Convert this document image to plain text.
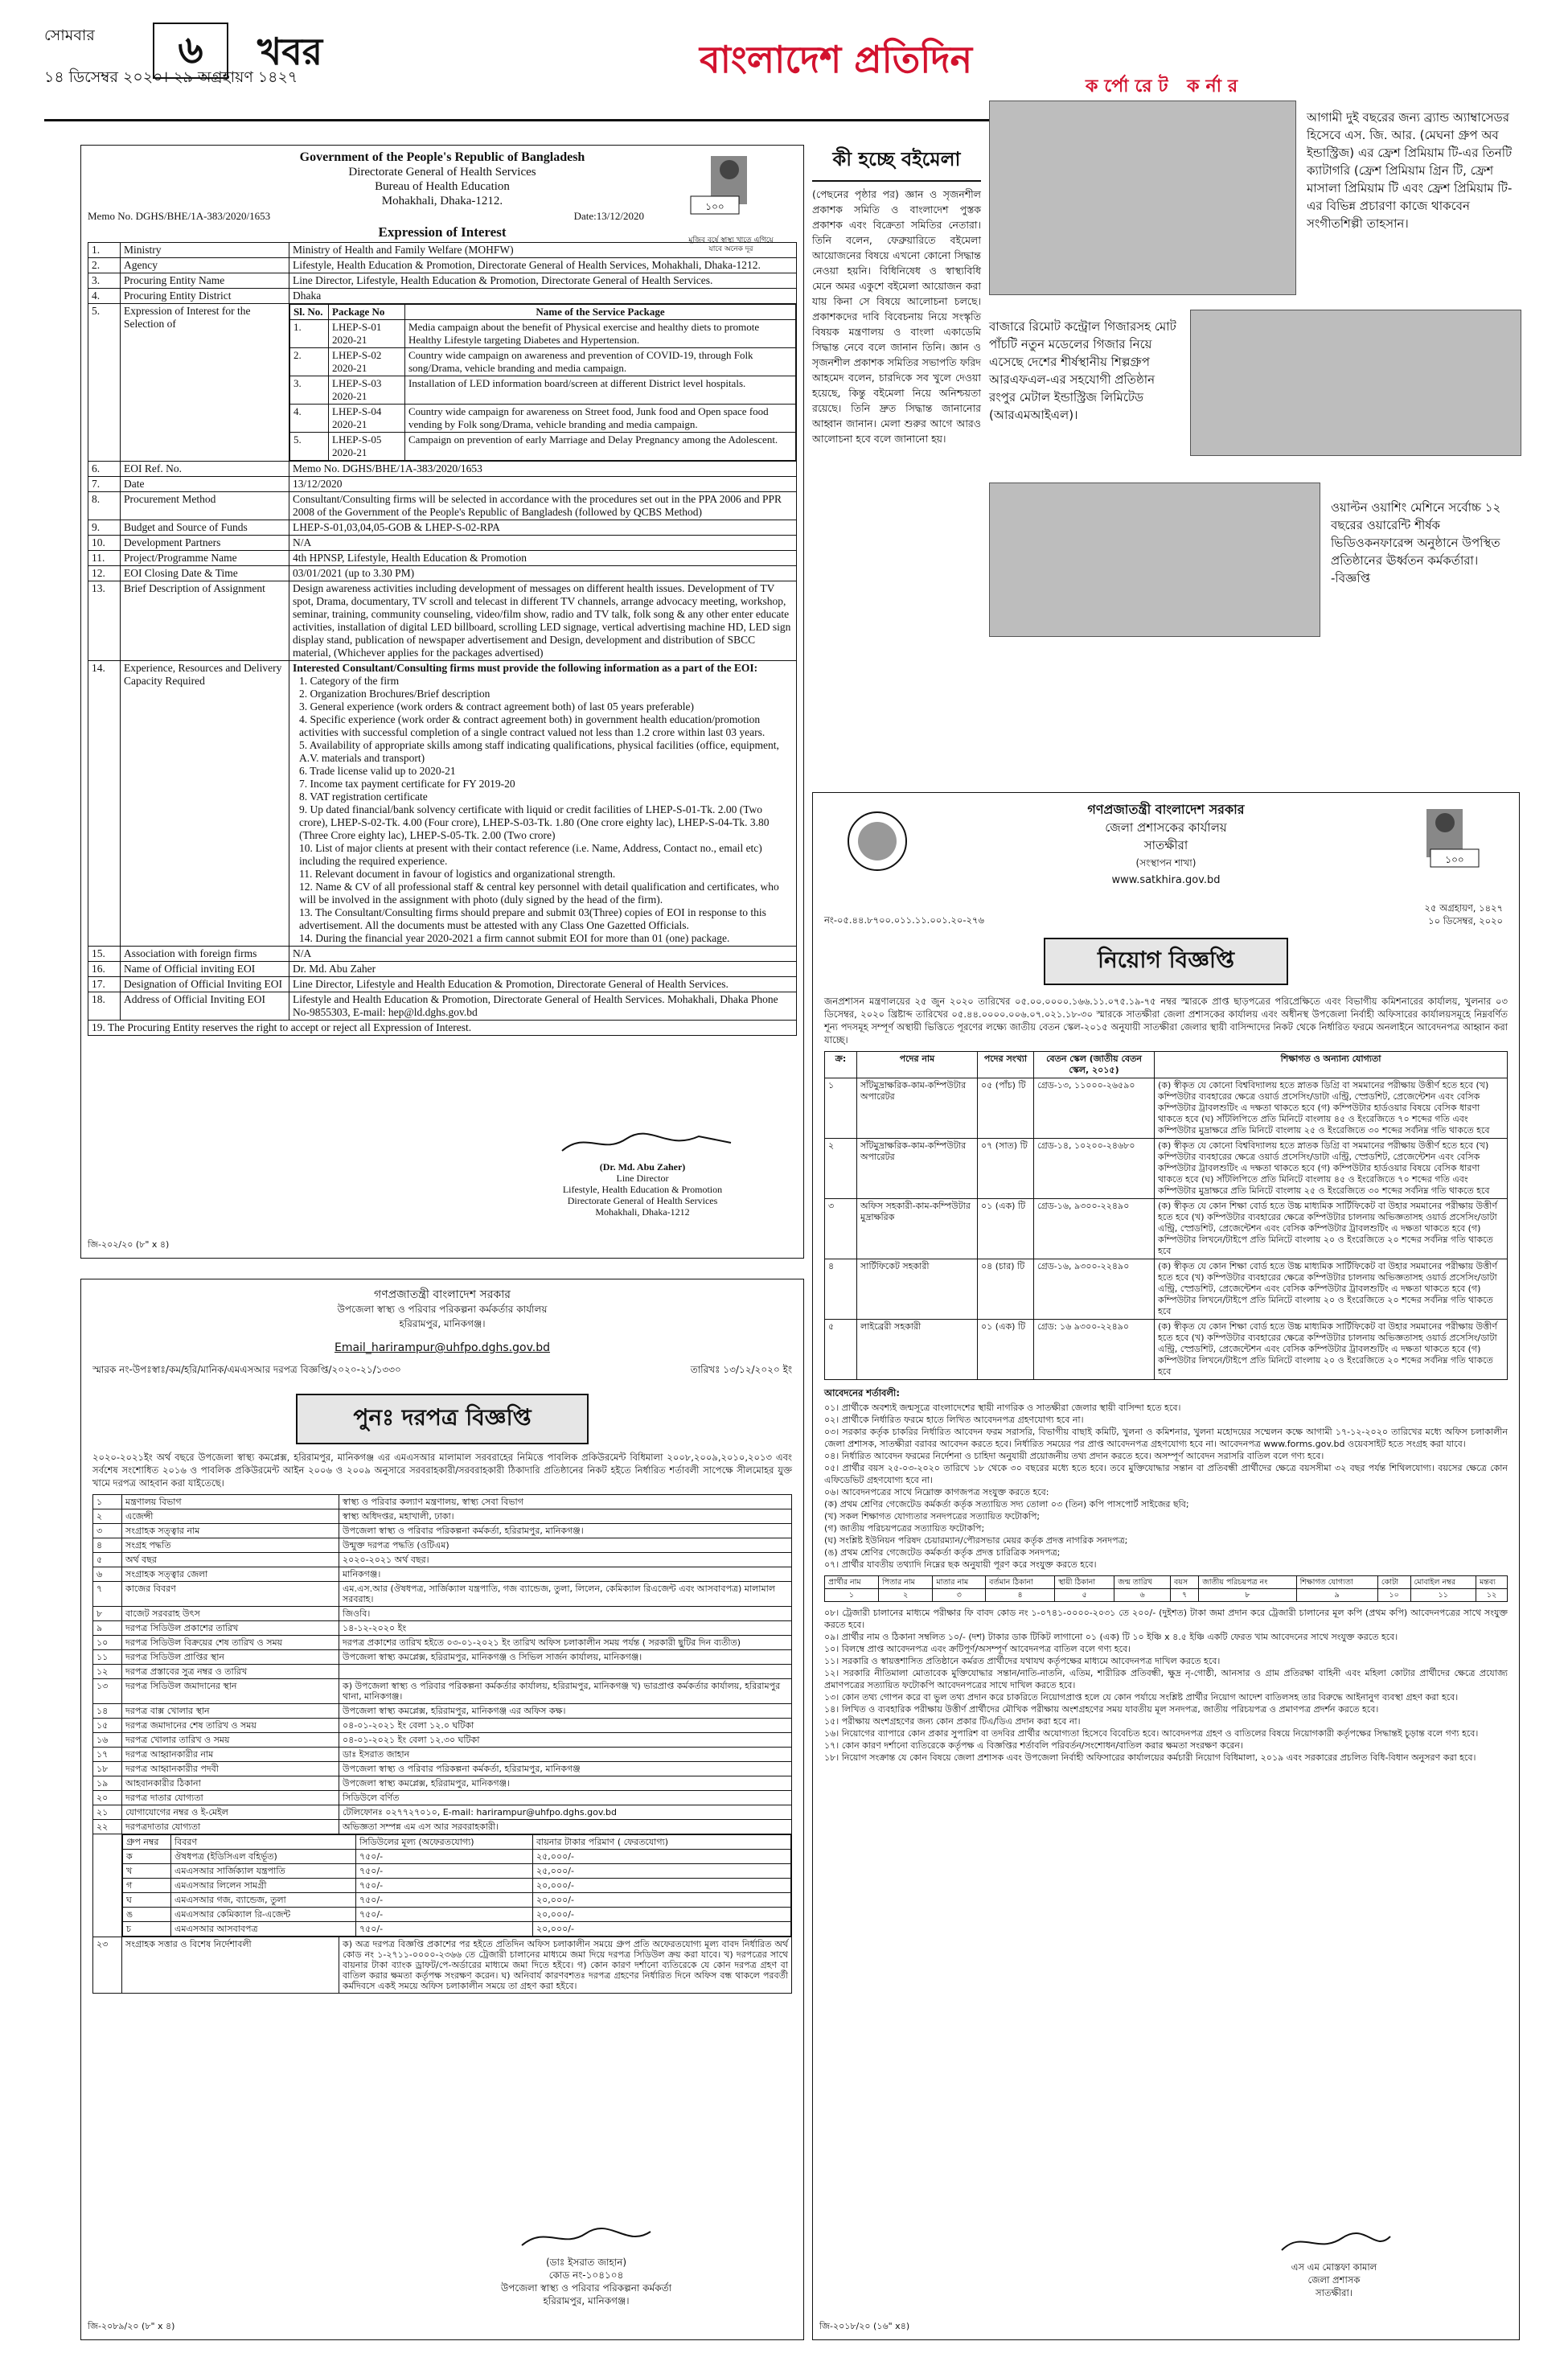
সোমবার
১৪ ডিসেম্বর ২০২০। ২৯ অগ্রহায়ণ ১৪২৭
৬	খবর	বাংলাদেশ প্রতিদিন
১০০
মুজিব বর্ষে স্বাস্থ্য খাতে এগিয়ে যাবে অনেক দূর
Government of the People's Republic of Bangladesh
Directorate General of Health Services
Bureau of Health Education
Mohakhali, Dhaka-1212.
Memo No. DGHS/BHE/1A-383/2020/1653	Date:13/12/2020
Expression of Interest
1.	Ministry	Ministry of Health and Family Welfare (MOHFW)
2.	Agency	Lifestyle, Health Education & Promotion, Directorate General of Health Services, Mohakhali, Dhaka-1212.
3.	Procuring Entity Name	Line Director, Lifestyle, Health Education & Promotion, Directorate General of Health Services.
4.	Procuring Entity District	Dhaka
5.	Expression of Interest for the Selection of	
Sl. No.	Package No	Name of the Service Package
1.	LHEP-S-01 2020-21	Media campaign about the benefit of Physical exercise and healthy diets to promote Healthy Lifestyle targeting Diabetes and Hypertension.
2.	LHEP-S-02 2020-21	Country wide campaign on awareness and prevention of COVID-19, through Folk song/Drama, vehicle branding and media campaign.
3.	LHEP-S-03 2020-21	Installation of LED information board/screen at different District level hospitals.
4.	LHEP-S-04 2020-21	Country wide campaign for awareness on Street food, Junk food and Open space food vending by Folk song/Drama, vehicle branding and media campaign.
5.	LHEP-S-05 2020-21	Campaign on prevention of early Marriage and Delay Pregnancy among the Adolescent.

6.	EOI Ref. No.	Memo No. DGHS/BHE/1A-383/2020/1653
7.	Date	13/12/2020
8.	Procurement Method	Consultant/Consulting firms will be selected in accordance with the procedures set out in the PPA 2006 and PPR 2008 of the Government of the People's Republic of Bangladesh (followed by QCBS Method)
9.	Budget and Source of Funds	LHEP-S-01,03,04,05-GOB & LHEP-S-02-RPA
10.	Development Partners	N/A
11.	Project/Programme Name	4th HPNSP, Lifestyle, Health Education & Promotion
12.	EOI Closing Date & Time	03/01/2021 (up to 3.30 PM)
13.	Brief Description of Assignment	Design awareness activities including development of messages on different health issues. Development of TV spot, Drama, documentary, TV scroll and telecast in different TV channels, arrange advocacy meeting, workshop, seminar, training, community counseling, video/film show, radio and TV talk, folk song & any other enter educate activities, installation of digital LED billboard, scrolling LED signage, vertical advertising machine HD, LED sign display stand, publication of newspaper advertisement and Design, development and distribution of SBCC material, (Whichever applies for the packages advertised)
14.	Experience, Resources and Delivery Capacity Required	
Interested Consultant/Consulting firms must provide the following information as a part of the EOI:
1. Category of the firm
2. Organization Brochures/Brief description
3. General experience (work orders & contract agreement both) of last 05 years preferable)
4. Specific experience (work order & contract agreement both) in government health education/promotion activities with successful completion of a single contract valued not less than 1.2 crore within last 03 years.
5. Availability of appropriate skills among staff indicating qualifications, physical facilities (office, equipment, A.V. materials and transport)
6. Trade license valid up to 2020-21
7. Income tax payment certificate for FY 2019-20
8. VAT registration certificate
9. Up dated financial/bank solvency certificate with liquid or credit facilities of LHEP-S-01-Tk. 2.00 (Two crore), LHEP-S-02-Tk. 4.00 (Four crore), LHEP-S-03-Tk. 1.80 (One crore eighty lac), LHEP-S-04-Tk. 3.80 (Three Crore eighty lac), LHEP-S-05-Tk. 2.00 (Two crore)
10. List of major clients at present with their contact reference (i.e. Name, Address, Contact no., email etc) including the required experience.
11. Relevant document in favour of logistics and organizational strength.
12. Name & CV of all professional staff & central key personnel with detail qualification and certificates, who will be involved in the assignment with photo (duly signed by the head of the firm).
13. The Consultant/Consulting firms should prepare and submit 03(Three) copies of EOI in response to this advertisement. All the documents must be attested with any Class One Gazetted Officials.
14. During the financial year 2020-2021 a firm cannot submit EOI for more than 01 (one) package.

15.	Association with foreign firms	N/A
16.	Name of Official inviting EOI	Dr. Md. Abu Zaher
17.	Designation of Official Inviting EOI	Line Director, Lifestyle and Health Education & Promotion, Directorate General of Health Services.
18.	Address of Official Inviting EOI	Lifestyle and Health Education & Promotion, Directorate General of Health Services. Mohakhali, Dhaka Phone No-9855303, E-mail: hep@ld.dghs.gov.bd
19. The Procuring Entity reserves the right to accept or reject all Expression of Interest.
(Dr. Md. Abu Zaher)
Line Director
Lifestyle, Health Education & Promotion
Directorate General of Health Services
Mohakhali, Dhaka-1212
জি-২০২/২০ (৮" x ৪)
কী হচ্ছে বইমেলা
(পেছনের পৃষ্ঠার পর) জ্ঞান ও সৃজনশীল প্রকাশক সমিতি ও বাংলাদেশ পুস্তক প্রকাশক এবং বিক্রেতা সমিতির নেতারা। তিনি বলেন, ফেব্রুয়ারিতে বইমেলা আয়োজনের বিষয়ে এখনো কোনো সিদ্ধান্ত নেওয়া হয়নি। বিধিনিষেধ ও স্বাস্থ্যবিধি মেনে অমর একুশে বইমেলা আয়োজন করা যায় কিনা সে বিষয়ে আলোচনা চলছে। প্রকাশকদের দাবি বিবেচনায় নিয়ে সংস্কৃতি বিষয়ক মন্ত্রণালয় ও বাংলা একাডেমি সিদ্ধান্ত নেবে বলে জানান তিনি। জ্ঞান ও সৃজনশীল প্রকাশক সমিতির সভাপতি ফরিদ আহমেদ বলেন, চারদিকে সব খুলে দেওয়া হয়েছে, কিন্তু বইমেলা নিয়ে অনিশ্চয়তা রয়েছে। তিনি দ্রুত সিদ্ধান্ত জানানোর আহ্বান জানান। মেলা শুরুর আগে আরও আলোচনা হবে বলে জানানো হয়।
কর্পোরেট কর্নার
আগামী দুই বছরের জন্য ব্র্যান্ড অ্যাম্বাসেডর হিসেবে এস. জি. আর. (মেঘনা গ্রুপ অব ইন্ডাস্ট্রিজ) এর ফ্রেশ প্রিমিয়াম টি-এর তিনটি ক্যাটাগরি (ফ্রেশ প্রিমিয়াম গ্রিন টি, ফ্রেশ মাসালা প্রিমিয়াম টি এবং ফ্রেশ প্রিমিয়াম টি-এর বিভিন্ন প্রচারণা কাজে থাকবেন সংগীতশিল্পী তাহসান।
বাজারে রিমোট কন্ট্রোল গিজারসহ মোট পাঁচটি নতুন মডেলের গিজার নিয়ে এসেছে দেশের শীর্ষস্থানীয় শিল্পগ্রুপ আরএফএল-এর সহযোগী প্রতিষ্ঠান রংপুর মেটাল ইন্ডাস্ট্রিজ লিমিটেড (আরএমআইএল)।
ওয়াল্টন ওয়াশিং মেশিনে সর্বোচ্চ ১২ বছরের ওয়ারেন্টি শীর্ষক ভিডিওকনফারেন্স অনুষ্ঠানে উপস্থিত প্রতিষ্ঠানের ঊর্ধ্বতন কর্মকর্তারা। -বিজ্ঞপ্তি
গণপ্রজাতন্ত্রী বাংলাদেশ সরকার
উপজেলা স্বাস্থ্য ও পরিবার পরিকল্পনা কর্মকর্তার কার্যালয়
হরিরামপুর, মানিকগঞ্জ।
Email_harirampur@uhfpo.dghs.gov.bd
স্মারক নং-উপঃস্বাঃ/কম/হরি/মানিক/এমএসআর দরপত্র বিজ্ঞপ্তি/২০২০-২১/১৩৩০	তারিখঃ ১৩/১২/২০২০ ইং
পুনঃ দরপত্র বিজ্ঞপ্তি
২০২০-২০২১ইং অর্থ বছরে উপজেলা স্বাস্থ্য কমপ্লেক্স, হরিরামপুর, মানিকগঞ্জ এর এমএসআর মালামাল সরবরাহের নিমিত্তে পাবলিক প্রকিউরমেন্ট বিধিমালা ২০০৮,২০০৯,২০১০,২০১৩ এবং সর্বশেষ সংশোধিত ২০১৬ ও পাবলিক প্রকিউরমেন্ট আইন ২০০৬ ও ২০০৯ অনুসারে সরবরাহকারী/সরবরাহকারী ঠিকাদারি প্রতিষ্ঠানের নিকট হইতে নির্ধারিত শর্তাবলী সাপেক্ষে সীলমোহর যুক্ত খামে দরপত্র আহবান করা যাইতেছে।
১	মন্ত্রণালয় বিভাগ	স্বাস্থ্য ও পরিবার কল্যাণ মন্ত্রণালয়, স্বাস্থ্য সেবা বিভাগ
২	এজেন্সী	স্বাস্থ্য অধিদপ্তর, মহাখালী, ঢাকা।
৩	সংগ্রাহক সত্ত্বার নাম	উপজেলা স্বাস্থ্য ও পরিবার পরিকল্পনা কর্মকর্তা, হরিরামপুর, মানিকগঞ্জ।
৪	সংগ্রহ পদ্ধতি	উন্মুক্ত দরপত্র পদ্ধতি (ওটিএম)
৫	অর্থ বছর	২০২০-২০২১ অর্থ বছর।
৬	সংগ্রাহক সত্ত্বার জেলা	মানিকগঞ্জ।
৭	কাজের বিবরণ	এম.এস.আর (ঔষধপত্র, সার্জিক্যাল যন্ত্রপাতি, গজ ব্যান্ডেজ, তুলা, লিলেন, কেমিক্যাল রিএজেন্ট এবং আসবাবপত্র) মালামাল সরবরাহ।
৮	বাজেট সরবরাহ উৎস	জিওবি।
৯	দরপত্র সিডিউল প্রকাশের তারিখ	১৪-১২-২০২০ ইং
১০	দরপত্র সিডিউল বিক্রয়ের শেষ তারিখ ও সময়	দরপত্র প্রকাশের তারিখ হইতে ০৩-০১-২০২১ ইং তারিখ অফিস চলাকালীন সময় পর্যন্ত ( সরকারী ছুটির দিন ব্যতীত)
১১	দরপত্র সিডিউল প্রাপ্তির স্থান	উপজেলা স্বাস্থ্য কমপ্লেক্স, হরিরামপুর, মানিকগঞ্জ ও সিভিল সার্জন কার্যালয়, মানিকগঞ্জ।
১২	দরপত্র প্রস্তাবের সুত্র নম্বর ও তারিখ	
১৩	দরপত্র সিডিউল জমাদানের স্থান	ক) উপজেলা স্বাস্থ্য ও পরিবার পরিকল্পনা কর্মকর্তার কার্যালয়, হরিরামপুর, মানিকগঞ্জ খ) ভারপ্রাপ্ত কর্মকর্তার কার্যালয়, হরিরামপুর থানা, মানিকগঞ্জ।
১৪	দরপত্র বাক্স খোলার স্থান	উপজেলা স্বাস্থ্য কমপ্লেক্স, হরিরামপুর, মানিকগঞ্জ এর অফিস কক্ষ।
১৫	দরপত্র জমাদানের শেষ তারিখ ও সময়	০৪-০১-২০২১ ইং বেলা ১২.০ ঘটিকা
১৬	দরপত্র খোলার তারিখ ও সময়	০৪-০১-২০২১ ইং বেলা ১২.৩০ ঘটিকা
১৭	দরপত্র আহ্বানকারীর নাম	ডাঃ ইসরাত জাহান
১৮	দরপত্র আহ্বানকারীর পদবী	উপজেলা স্বাস্থ্য ও পরিবার পরিকল্পনা কর্মকর্তা, হরিরামপুর, মানিকগঞ্জ
১৯	আহবানকারীর ঠিকানা	উপজেলা স্বাস্থ্য কমপ্লেক্স, হরিরামপুর, মানিকগঞ্জ।
২০	দরপত্র দাতার যোগ্যতা	সিডিউলে বর্ণিত
২১	যোগাযোগের নম্বর ও ই-মেইল	টেলিফোনঃ ০২৭৭২৭০১০, E-mail: harirampur@uhfpo.dghs.gov.bd
২২	দরপত্রদাতার যোগ্যতা	অভিজ্ঞতা সম্পন্ন এম এস আর সরবরাহকারী।

গ্রুপ নম্বর	বিবরণ	সিডিউলের মূল্য (অফেরতযোগ্য)	বায়নার টাকার পরিমাণ ( ফেরতযোগ্য)
ক	ঔষধপত্র (ইডিসিএল বহির্ভূত)	৭৫০/-	২৫,০০০/-
খ	এমএসআর সার্জিক্যাল যন্ত্রপাতি	৭৫০/-	২৫,০০০/-
গ	এমএসআর লিলেন সামগ্রী	৭৫০/-	২০,০০০/-
ঘ	এমএসআর গজ, ব্যান্ডেজ, তুলা	৭৫০/-	২০,০০০/-
ঙ	এমএসআর কেমিক্যাল রি-এজেন্ট	৭৫০/-	২০,০০০/-
চ	এমএসআর আসবাবপত্র	৭৫০/-	২০,০০০/-

২৩	সংগ্রাহক সত্তার ও বিশেষ নির্দেশাবলী	ক) অত্র দরপত্র বিজ্ঞপ্তি প্রকাশের পর হইতে প্রতিদিন অফিস চলাকালীন সময়ে গ্রুপ প্রতি অফেরতযোগ্য মূল্য বাবদ নির্ধারিত অর্থ কোড নং ১-২৭১১-০০০০-২৩৬৬ তে ট্রেজারী চালানের মাধ্যমে জমা দিয়ে দরপত্র সিডিউল ক্রয় করা যাবে। খ) দরপত্রের সাথে বায়নার টাকা ব্যাংক ড্রাফট/পে-অর্ডারের মাধ্যমে জমা দিতে হইবে। গ) কোন কারণ দর্শানো ব্যতিরেকে যে কোন দরপত্র গ্রহণ বা বাতিল করার ক্ষমতা কর্তৃপক্ষ সংরক্ষণ করেন। ঘ) অনিবার্য কারণবশতঃ দরপত্র গ্রহণের নির্ধারিত দিনে অফিস বন্ধ থাকলে পরবর্তী কর্মদিবসে একই সময়ে অফিস চলাকালীন সময়ে তা গ্রহণ করা হইবে।
(ডাঃ ইসরাত জাহান)
কোড নং-১০৪১০৪
উপজেলা স্বাস্থ্য ও পরিবার পরিকল্পনা কর্মকর্তা
হরিরামপুর, মানিকগঞ্জ।
জি-২০৮৯/২০ (৮" x ৪)
১০০
গণপ্রজাতন্ত্রী বাংলাদেশ সরকার
জেলা প্রশাসকের কার্যালয়
সাতক্ষীরা
(সংস্থাপন শাখা)
www.satkhira.gov.bd
নং-০৫.৪৪.৮৭০০.০১১.১১.০০১.২০-২৭৬
২৫ অগ্রহায়ণ, ১৪২৭
১০ ডিসেম্বর, ২০২০
নিয়োগ বিজ্ঞপ্তি
জনপ্রশাসন মন্ত্রণালয়ের ২৫ জুন ২০২০ তারিখের ০৫.০০.০০০০.১৬৬.১১.০৭৫.১৯-৭৫ নম্বর স্মারকে প্রাপ্ত ছাড়পত্রের পরিপ্রেক্ষিতে এবং বিভাগীয় কমিশনারের কার্যালয়, খুলনার ০৩ ডিসেম্বর, ২০২০ খ্রিষ্টাব্দ তারিখের ০৫.৪৪.০০০০.০০৬.০৭.০২১.১৮-৩০ স্মারকে সাতক্ষীরা জেলা প্রশাসকের কার্যালয় এবং অধীনস্থ উপজেলা নির্বাহী অফিসারের কার্যালয়সমূহে নিম্নবর্ণিত শূন্য পদসমূহ সম্পূর্ণ অস্থায়ী ভিত্তিতে পূরণের লক্ষ্যে জাতীয় বেতন স্কেল-২০১৫ অনুযায়ী সাতক্ষীরা জেলার স্থায়ী বাসিন্দাদের নিকট থেকে নির্ধারিত ফরমে অনলাইনে আবেদনপত্র আহ্বান করা যাচ্ছে।
ক্র:	পদের নাম	পদের সংখ্যা	বেতন স্কেল (জাতীয় বেতন স্কেল, ২০১৫)	শিক্ষাগত ও অন্যান্য যোগ্যতা
১	সাঁটমুদ্রাক্ষরিক-কাম-কম্পিউটার অপারেটর	০৫ (পাঁচ) টি	গ্রেড-১৩, ১১০০০-২৬৫৯০	(ক) স্বীকৃত যে কোনো বিশ্ববিদ্যালয় হতে স্নাতক ডিগ্রি বা সমমানের পরীক্ষায় উত্তীর্ণ হতে হবে (খ) কম্পিউটার ব্যবহারের ক্ষেত্রে ওয়ার্ড প্রসেসিং/ডাটা এন্ট্রি, স্প্রেডশিট, প্রেজেন্টেশন এবং বেসিক কম্পিউটার ট্রাবলশুটিং এ দক্ষতা থাকতে হবে (গ) কম্পিউটার হার্ডওয়ার বিষয়ে বেসিক ধারণা থাকতে হবে (ঘ) সাঁটলিপিতে প্রতি মিনিটে বাংলায় ৪৫ ও ইংরেজিতে ৭০ শব্দের গতি এবং কম্পিউটার মুদ্রাক্ষরে প্রতি মিনিটে বাংলায় ২৫ ও ইংরেজিতে ৩০ শব্দের সর্বনিম্ন গতি থাকতে হবে
২	সাঁটমুদ্রাক্ষরিক-কাম-কম্পিউটার অপারেটর	০৭ (সাত) টি	গ্রেড-১৪, ১০২০০-২৪৬৮০	(ক) স্বীকৃত যে কোনো বিশ্ববিদ্যালয় হতে স্নাতক ডিগ্রি বা সমমানের পরীক্ষায় উত্তীর্ণ হতে হবে (খ) কম্পিউটার ব্যবহারের ক্ষেত্রে ওয়ার্ড প্রসেসিং/ডাটা এন্ট্রি, স্প্রেডশিট, প্রেজেন্টেশন এবং বেসিক কম্পিউটার ট্রাবলশুটিং এ দক্ষতা থাকতে হবে (গ) কম্পিউটার হার্ডওয়ার বিষয়ে বেসিক ধারণা থাকতে হবে (ঘ) সাঁটলিপিতে প্রতি মিনিটে বাংলায় ৪৫ ও ইংরেজিতে ৭০ শব্দের গতি এবং কম্পিউটার মুদ্রাক্ষরে প্রতি মিনিটে বাংলায় ২৫ ও ইংরেজিতে ৩০ শব্দের সর্বনিম্ন গতি থাকতে হবে
৩	অফিস সহকারী-কাম-কম্পিউটার মুদ্রাক্ষরিক	০১ (এক) টি	গ্রেড-১৬, ৯৩০০-২২৪৯০	(ক) স্বীকৃত যে কোন শিক্ষা বোর্ড হতে উচ্চ মাধ্যমিক সার্টিফিকেট বা উহার সমমানের পরীক্ষায় উত্তীর্ণ হতে হবে (খ) কম্পিউটার ব্যবহারের ক্ষেত্রে কম্পিউটার চালনায় অভিজ্ঞতাসহ ওয়ার্ড প্রসেসিং/ডাটা এন্ট্রি, স্প্রেডশিট, প্রেজেন্টেশন এবং বেসিক কম্পিউটার ট্রাবলশুটিং এ দক্ষতা থাকতে হবে (গ) কম্পিউটার লিখনে/টাইপে প্রতি মিনিটে বাংলায় ২০ ও ইংরেজিতে ২০ শব্দের সর্বনিম্ন গতি থাকতে হবে
৪	সার্টিফিকেট সহকারী	০৪ (চার) টি	গ্রেড-১৬, ৯৩০০-২২৪৯০	(ক) স্বীকৃত যে কোন শিক্ষা বোর্ড হতে উচ্চ মাধ্যমিক সার্টিফিকেট বা উহার সমমানের পরীক্ষায় উত্তীর্ণ হতে হবে (খ) কম্পিউটার ব্যবহারের ক্ষেত্রে কম্পিউটার চালনায় অভিজ্ঞতাসহ ওয়ার্ড প্রসেসিং/ডাটা এন্ট্রি, স্প্রেডশিট, প্রেজেন্টেশন এবং বেসিক কম্পিউটার ট্রাবলশুটিং এ দক্ষতা থাকতে হবে (গ) কম্পিউটার লিখনে/টাইপে প্রতি মিনিটে বাংলায় ২০ ও ইংরেজিতে ২০ শব্দের সর্বনিম্ন গতি থাকতে হবে
৫	লাইব্রেরী সহকারী	০১ (এক) টি	গ্রেড: ১৬ ৯৩০০-২২৪৯০	(ক) স্বীকৃত যে কোন শিক্ষা বোর্ড হতে উচ্চ মাধ্যমিক সার্টিফিকেট বা উহার সমমানের পরীক্ষায় উত্তীর্ণ হতে হবে (খ) কম্পিউটার ব্যবহারের ক্ষেত্রে কম্পিউটার চালনায় অভিজ্ঞতাসহ ওয়ার্ড প্রসেসিং/ডাটা এন্ট্রি, স্প্রেডশিট, প্রেজেন্টেশন এবং বেসিক কম্পিউটার ট্রাবলশুটিং এ দক্ষতা থাকতে হবে (গ) কম্পিউটার লিখনে/টাইপে প্রতি মিনিটে বাংলায় ২০ ও ইংরেজিতে ২০ শব্দের সর্বনিম্ন গতি থাকতে হবে
আবেদনের শর্তাবলী:
০১। প্রার্থীকে অবশ্যই জন্মসূত্রে বাংলাদেশের স্থায়ী নাগরিক ও সাতক্ষীরা জেলার স্থায়ী বাসিন্দা হতে হবে।
০২। প্রার্থীকে নির্ধারিত ফরমে হাতে লিখিত আবেদনপত্র গ্রহণযোগ্য হবে না।
০৩। সরকার কর্তৃক চাকরির নির্ধারিত আবেদন ফরম সরাসরি, বিভাগীয় বাছাই কমিটি, খুলনা ও কমিশনার, খুলনা মহোদয়ের সম্মেলন কক্ষে আগামী ১৭-১২-২০২০ তারিখের মধ্যে অফিস চলাকালীন জেলা প্রশাসক, সাতক্ষীরা বরাবর আবেদন করতে হবে। নির্ধারিত সময়ের পর প্রাপ্ত আবেদনপত্র গ্রহণযোগ্য হবে না। আবেদনপত্র www.forms.gov.bd ওয়েবসাইট হতে সংগ্রহ করা যাবে।
০৪। নির্ধারিত আবেদন ফরমের নির্দেশনা ও চাহিদা অনুযায়ী প্রয়োজনীয় তথ্য প্রদান করতে হবে। অসম্পূর্ণ আবেদন সরাসরি বাতিল বলে গণ্য হবে।
০৫। প্রার্থীর বয়স ২৫-০৩-২০২০ তারিখে ১৮ থেকে ৩০ বছরের মধ্যে হতে হবে। তবে মুক্তিযোদ্ধার সন্তান বা প্রতিবন্ধী প্রার্থীদের ক্ষেত্রে বয়সসীমা ৩২ বছর পর্যন্ত শিথিলযোগ্য। বয়সের ক্ষেত্রে কোন এফিডেভিট গ্রহণযোগ্য হবে না।
০৬। আবেদনপত্রের সাথে নিম্নোক্ত কাগজপত্র সংযুক্ত করতে হবে:
(ক) প্রথম শ্রেণির গেজেটেড কর্মকর্তা কর্তৃক সত্যায়িত সদ্য তোলা ০৩ (তিন) কপি পাসপোর্ট সাইজের ছবি;
(খ) সকল শিক্ষাগত যোগ্যতার সনদপত্রের সত্যায়িত ফটোকপি;
(গ) জাতীয় পরিচয়পত্রের সত্যায়িত ফটোকপি;
(ঘ) সংশ্লিষ্ট ইউনিয়ন পরিষদ চেয়ারম্যান/পৌরসভার মেয়র কর্তৃক প্রদত্ত নাগরিক সনদপত্র;
(ঙ) প্রথম শ্রেণির গেজেটেড কর্মকর্তা কর্তৃক প্রদত্ত চারিত্রিক সনদপত্র;
০৭। প্রার্থীর যাবতীয় তথ্যাদি নিম্নের ছক অনুযায়ী পূরণ করে সংযুক্ত করতে হবে।
প্রার্থীর নাম	পিতার নাম	মাতার নাম	বর্তমান ঠিকানা	স্থায়ী ঠিকানা	জন্ম তারিখ	বয়স	জাতীয় পরিচয়পত্র নং	শিক্ষাগত যোগ্যতা	কোটা	মোবাইল নম্বর	মন্তব্য
১	২	৩	৪	৫	৬	৭	৮	৯	১০	১১	১২
০৮। ট্রেজারী চালানের মাধ্যমে পরীক্ষার ফি বাবদ কোড নং ১-০৭৪১-০০০০-২০৩১ তে ২০০/- (দুইশত) টাকা জমা প্রদান করে ট্রেজারী চালানের মূল কপি (প্রথম কপি) আবেদনপত্রের সাথে সংযুক্ত করতে হবে।
০৯। প্রার্থীর নাম ও ঠিকানা সম্বলিত ১০/- (দশ) টাকার ডাক টিকিট লাগানো ০১ (এক) টি ১০ ইঞ্চি x ৪.৫ ইঞ্চি একটি ফেরত খাম আবেদনের সাথে সংযুক্ত করতে হবে।
১০। বিলম্বে প্রাপ্ত আবেদনপত্র এবং ক্রটিপূর্ণ/অসম্পূর্ণ আবেদনপত্র বাতিল বলে গণ্য হবে।
১১। সরকারি ও স্বায়ত্তশাসিত প্রতিষ্ঠানে কর্মরত প্রার্থীদের যথাযথ কর্তৃপক্ষের মাধ্যমে আবেদনপত্র দাখিল করতে হবে।
১২। সরকারি নীতিমালা মোতাবেক মুক্তিযোদ্ধার সন্তান/নাতি-নাতনি, এতিম, শারীরিক প্রতিবন্ধী, ক্ষুদ্র নৃ-গোষ্ঠী, আনসার ও গ্রাম প্রতিরক্ষা বাহিনী এবং মহিলা কোটার প্রার্থীদের ক্ষেত্রে প্রযোজ্য প্রমাণপত্রের সত্যায়িত ফটোকপি আবেদনপত্রের সাথে দাখিল করতে হবে।
১৩। কোন তথ্য গোপন করে বা ভুল তথ্য প্রদান করে চাকরিতে নিয়োগপ্রাপ্ত হলে যে কোন পর্যায়ে সংশ্লিষ্ট প্রার্থীর নিয়োগ আদেশ বাতিলসহ তার বিরুদ্ধে আইনানুগ ব্যবস্থা গ্রহণ করা হবে।
১৪। লিখিত ও ব্যবহারিক পরীক্ষায় উত্তীর্ণ প্রার্থীদের মৌখিক পরীক্ষায় অংশগ্রহণের সময় যাবতীয় মূল সনদপত্র, জাতীয় পরিচয়পত্র ও প্রমাণপত্র প্রদর্শন করতে হবে।
১৫। পরীক্ষায় অংশগ্রহণের জন্য কোন প্রকার টিএ/ডিএ প্রদান করা হবে না।
১৬। নিয়োগের ব্যাপারে কোন প্রকার সুপারিশ বা তদবির প্রার্থীর অযোগ্যতা হিসেবে বিবেচিত হবে। আবেদনপত্র গ্রহণ ও বাতিলের বিষয়ে নিয়োগকারী কর্তৃপক্ষের সিদ্ধান্তই চূড়ান্ত বলে গণ্য হবে।
১৭। কোন কারণ দর্শানো ব্যতিরেকে কর্তৃপক্ষ এ বিজ্ঞপ্তির শর্তাবলি পরিবর্তন/সংশোধন/বাতিল করার ক্ষমতা সংরক্ষণ করেন।
১৮। নিয়োগ সংক্রান্ত যে কোন বিষয়ে জেলা প্রশাসক এবং উপজেলা নির্বাহী অফিসারের কার্যালয়ের কর্মচারী নিয়োগ বিধিমালা, ২০১৯ এবং সরকারের প্রচলিত বিধি-বিধান অনুসরণ করা হবে।
এস এম মোস্তফা কামাল
জেলা প্রশাসক
সাতক্ষীরা।
জি-২০১৮/২০ (১৬" x৪)
